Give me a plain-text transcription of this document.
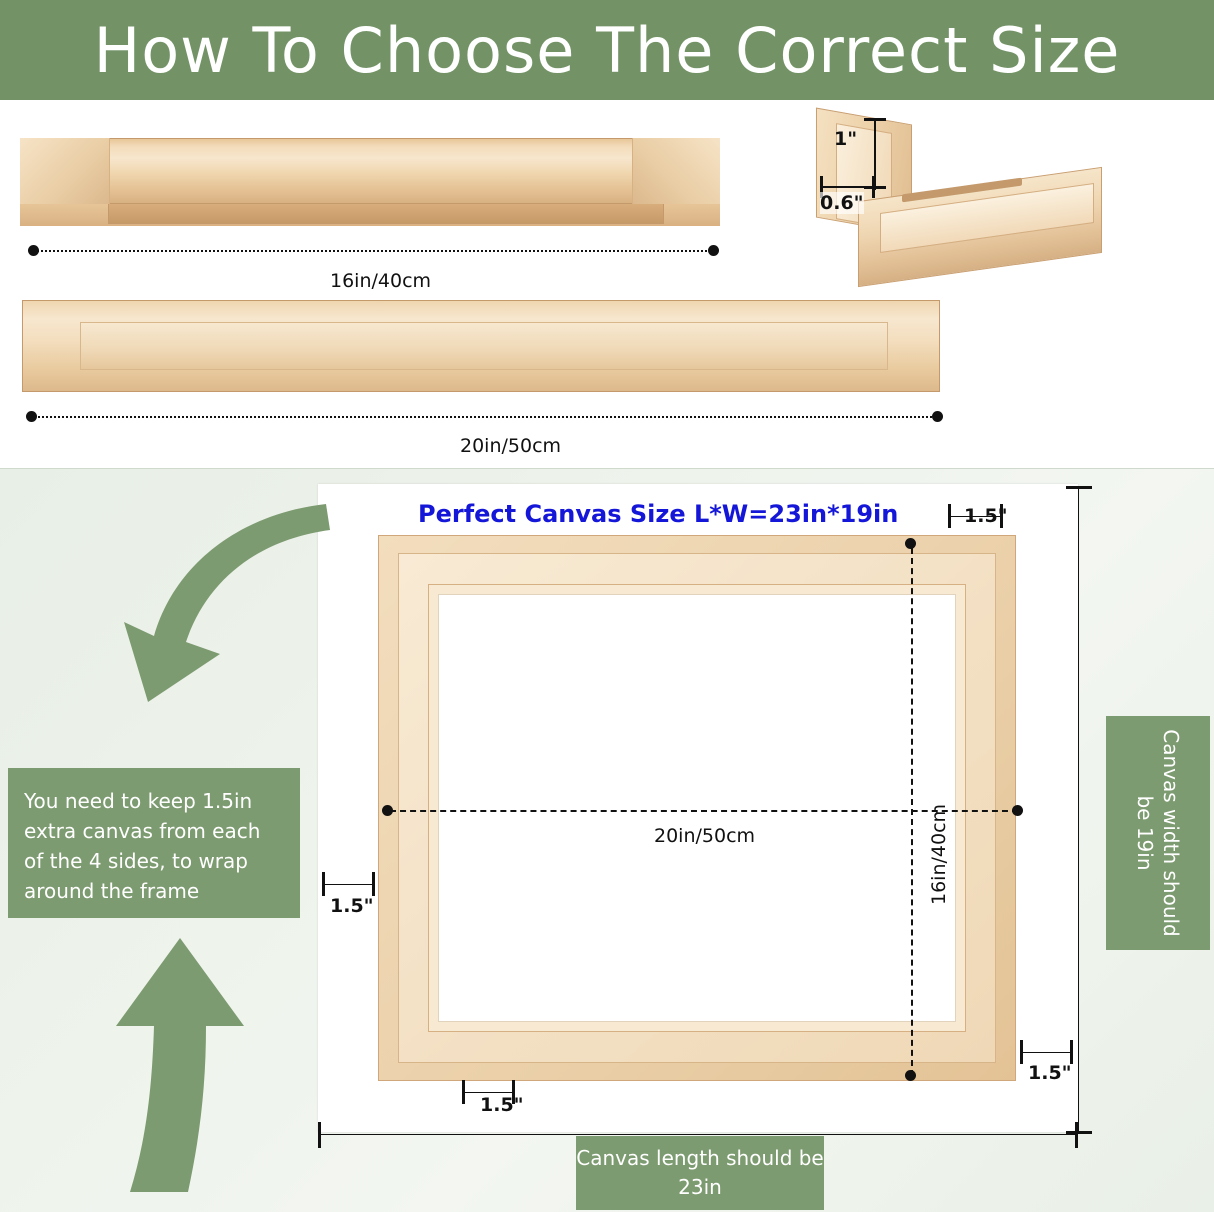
How To Choose The Correct Size
16in/40cm
20in/50cm
1"
0.6"
Perfect Canvas Size L*W=23in*19in
20in/50cm	16in/40cm
1.5"
1.5"
1.5"
1.5"
You need to keep 1.5in extra canvas from each of the 4 sides, to wrap around the frame	Canvas width should be 19in
Canvas length should be 23in
